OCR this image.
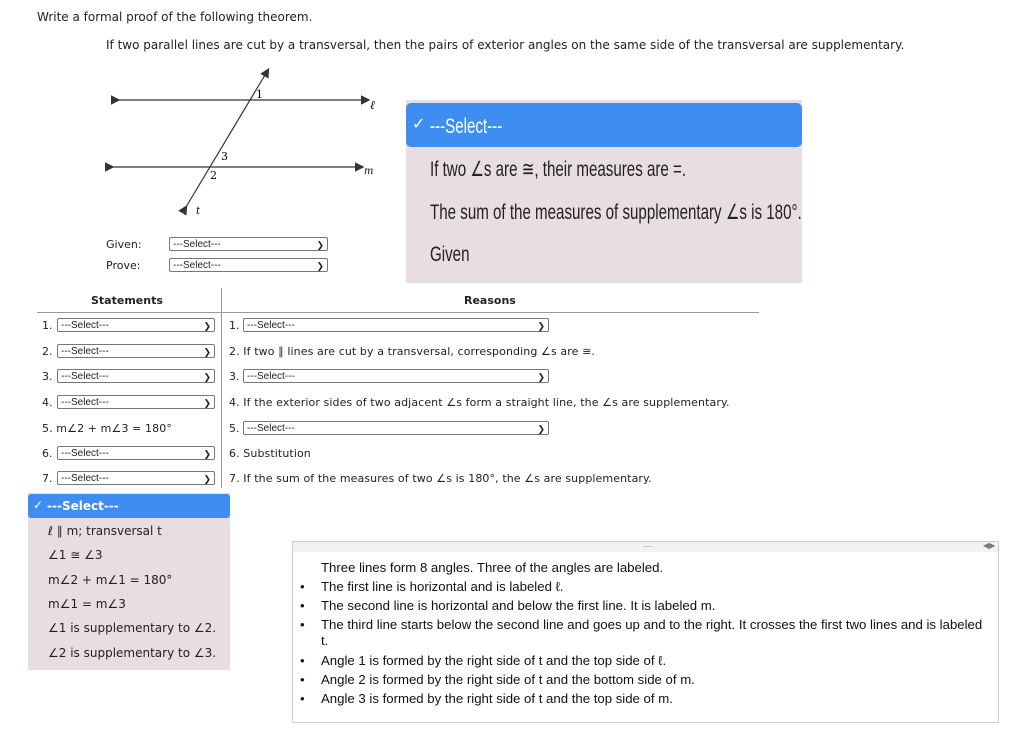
Write a formal proof of the following theorem.
If two parallel lines are cut by a transversal, then the pairs of exterior angles on the same side of the transversal are supplementary.
ℓ
m
t
1
2
3
✓ ---Select---
If two ∠s are ≅, their measures are =.
The sum of the measures of supplementary ∠s is 180°.
Given
Given:	---Select---	❯
Prove:	---Select---	❯
Statements	Reasons
1. ---Select---	❯ 1. ---Select---	❯
2. ---Select---	❯ 2. If two ∥ lines are cut by a transversal, corresponding ∠s are ≅.
3. ---Select---	❯ 3. ---Select---	❯
4. ---Select---	❯ 4. If the exterior sides of two adjacent ∠s form a straight line, the ∠s are supplementary.
5. m∠2 + m∠3 = 180°	5. ---Select---	❯
6. ---Select---	❯ 6. Substitution
7. ---Select---	❯ 7. If the sum of the measures of two ∠s is 180°, the ∠s are supplementary.
✓ ---Select---
ℓ ∥ m; transversal t
∠1 ≅ ∠3
m∠2 + m∠1 = 180°
m∠1 = m∠3
∠1 is supplementary to ∠2.
∠2 is supplementary to ∠3.
....	◀▶
Three lines form 8 angles. Three of the angles are labeled.
• The first line is horizontal and is labeled ℓ.
• The second line is horizontal and below the first line. It is labeled m.
• The third line starts below the second line and goes up and to the right. It crosses the first two lines and is labeled t.
• Angle 1 is formed by the right side of t and the top side of ℓ.
• Angle 2 is formed by the right side of t and the bottom side of m.
• Angle 3 is formed by the right side of t and the top side of m.
